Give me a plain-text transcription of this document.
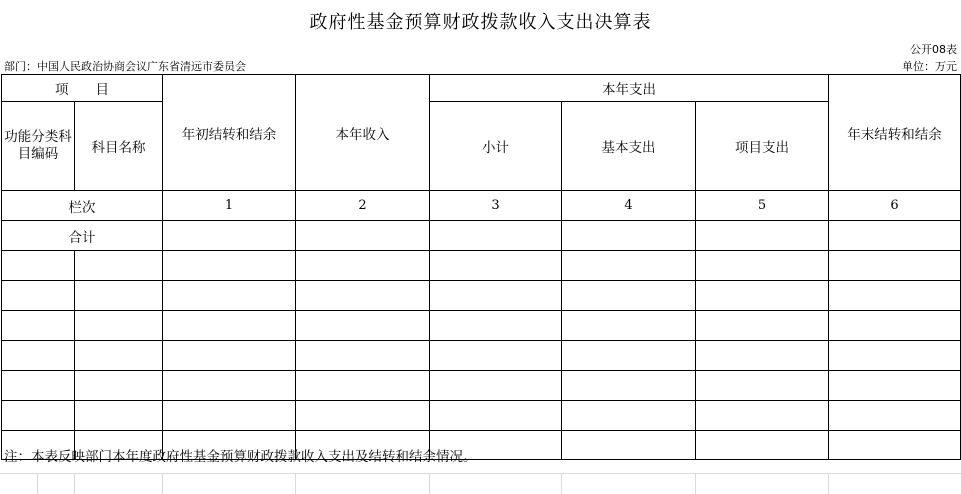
政府性基金预算财政拨款收入支出决算表
公开08表
部门：中国人民政治协商会议广东省清远市委员会	单位：万元
项　　目		年初结转和结余	本年收入	本年支出			年末结转和结余
功能分类科目编码	科目名称			小计	基本支出	项目支出	
栏次		1	2	3	4	5	6
合计							

注：本表反映部门本年度政府性基金预算财政拨款收入支出及结转和结余情况。
